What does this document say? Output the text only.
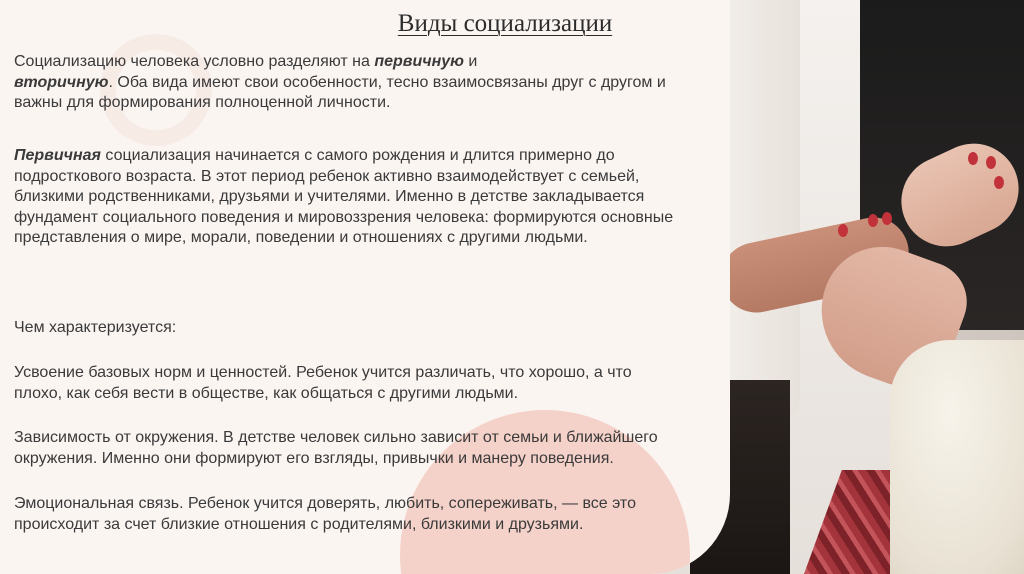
Виды социализации

Социализацию человека условно разделяют на первичную и
вторичную. Оба вида имеют свои особенности, тесно взаимосвязаны друг с другом и важны для формирования полноценной личности.

Первичная социализация начинается с самого рождения и длится примерно до подросткового возраста. В этот период ребенок активно взаимодействует с семьей, близкими родственниками, друзьями и учителями. Именно в детстве закладывается фундамент социального поведения и мировоззрения человека: формируются основные представления о мире, морали, поведении и отношениях с другими людьми.

Чем характеризуется:

Усвоение базовых норм и ценностей. Ребенок учится различать, что хорошо, а что плохо, как себя вести в обществе, как общаться с другими людьми.

Зависимость от окружения. В детстве человек сильно зависит от семьи и ближайшего окружения. Именно они формируют его взгляды, привычки и манеру поведения.

Эмоциональная связь. Ребенок учится доверять, любить, сопереживать, — все это происходит за счет близкие отношения с родителями, близкими и друзьями.
